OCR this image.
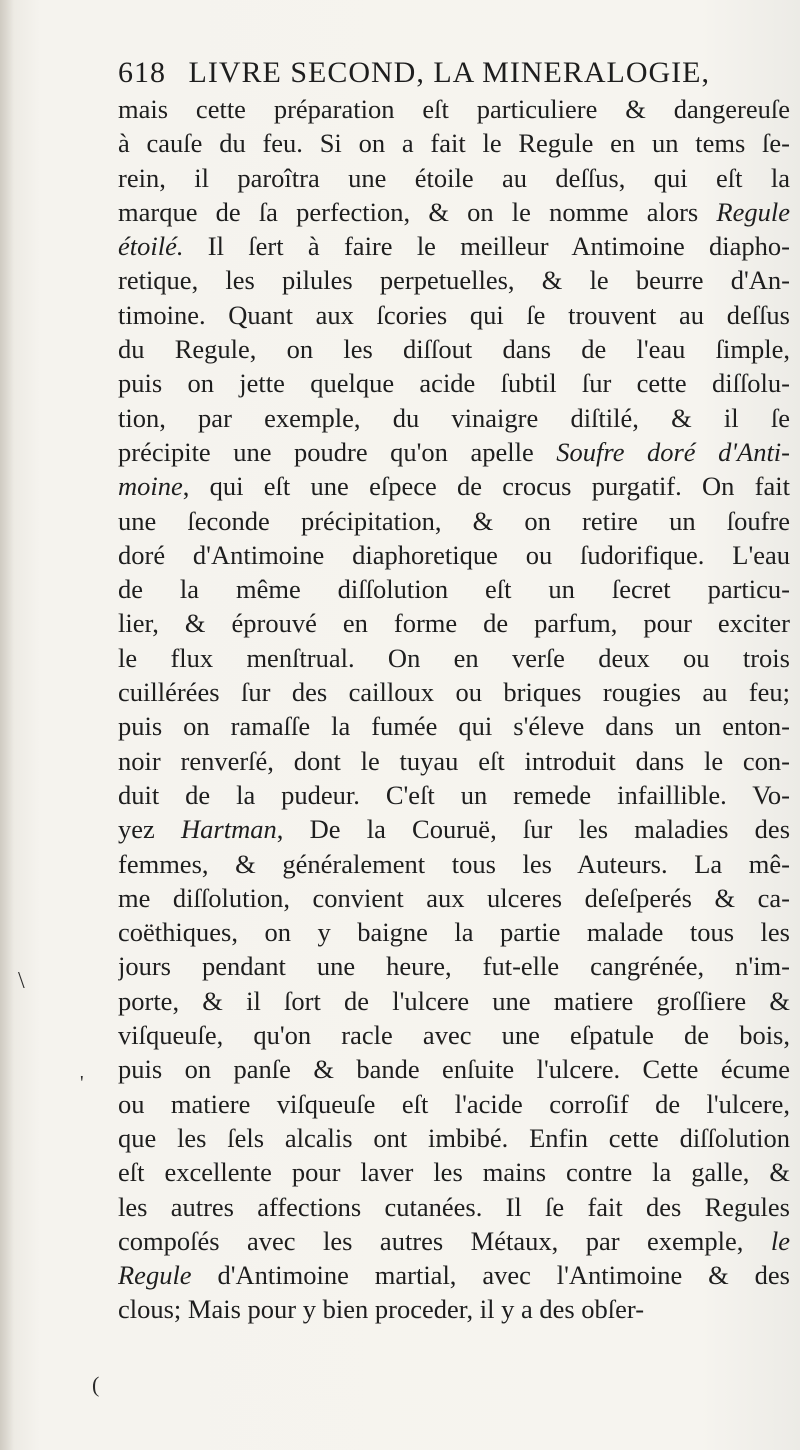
618 LIVRE SECOND, LA MINERALOGIE,
mais cette préparation eſt particuliere & dangereuſe
à cauſe du feu. Si on a fait le Regule en un tems ſe-
rein, il paroîtra une étoile au deſſus, qui eſt la
marque de ſa perfection, & on le nomme alors Regule
étoilé. Il ſert à faire le meilleur Antimoine diapho-
retique, les pilules perpetuelles, & le beurre d'An-
timoine. Quant aux ſcories qui ſe trouvent au deſſus
du Regule, on les diſſout dans de l'eau ſimple,
puis on jette quelque acide ſubtil ſur cette diſſolu-
tion, par exemple, du vinaigre diſtilé, & il ſe
précipite une poudre qu'on apelle Soufre doré d'Anti-
moine, qui eſt une eſpece de crocus purgatif. On fait
une ſeconde précipitation, & on retire un ſoufre
doré d'Antimoine diaphoretique ou ſudorifique. L'eau
de la même diſſolution eſt un ſecret particu-
lier, & éprouvé en forme de parfum, pour exciter
le flux menſtrual. On en verſe deux ou trois
cuillérées ſur des cailloux ou briques rougies au feu;
puis on ramaſſe la fumée qui s'éleve dans un enton-
noir renverſé, dont le tuyau eſt introduit dans le con-
duit de la pudeur. C'eſt un remede infaillible. Vo-
yez Hartman, De la Couruë, ſur les maladies des
femmes, & généralement tous les Auteurs. La mê-
me diſſolution, convient aux ulceres deſeſperés & ca-
coëthiques, on y baigne la partie malade tous les
jours pendant une heure, fut-elle cangrénée, n'im-
porte, & il ſort de l'ulcere une matiere groſſiere &
viſqueuſe, qu'on racle avec une eſpatule de bois,
puis on panſe & bande enſuite l'ulcere. Cette écume
ou matiere viſqueuſe eſt l'acide corroſif de l'ulcere,
que les ſels alcalis ont imbibé. Enfin cette diſſolution
eſt excellente pour laver les mains contre la galle, &
les autres affections cutanées. Il ſe fait des Regules
compoſés avec les autres Métaux, par exemple, le
Regule d'Antimoine martial, avec l'Antimoine & des
clous; Mais pour y bien proceder, il y a des obſer-
\
'
(
